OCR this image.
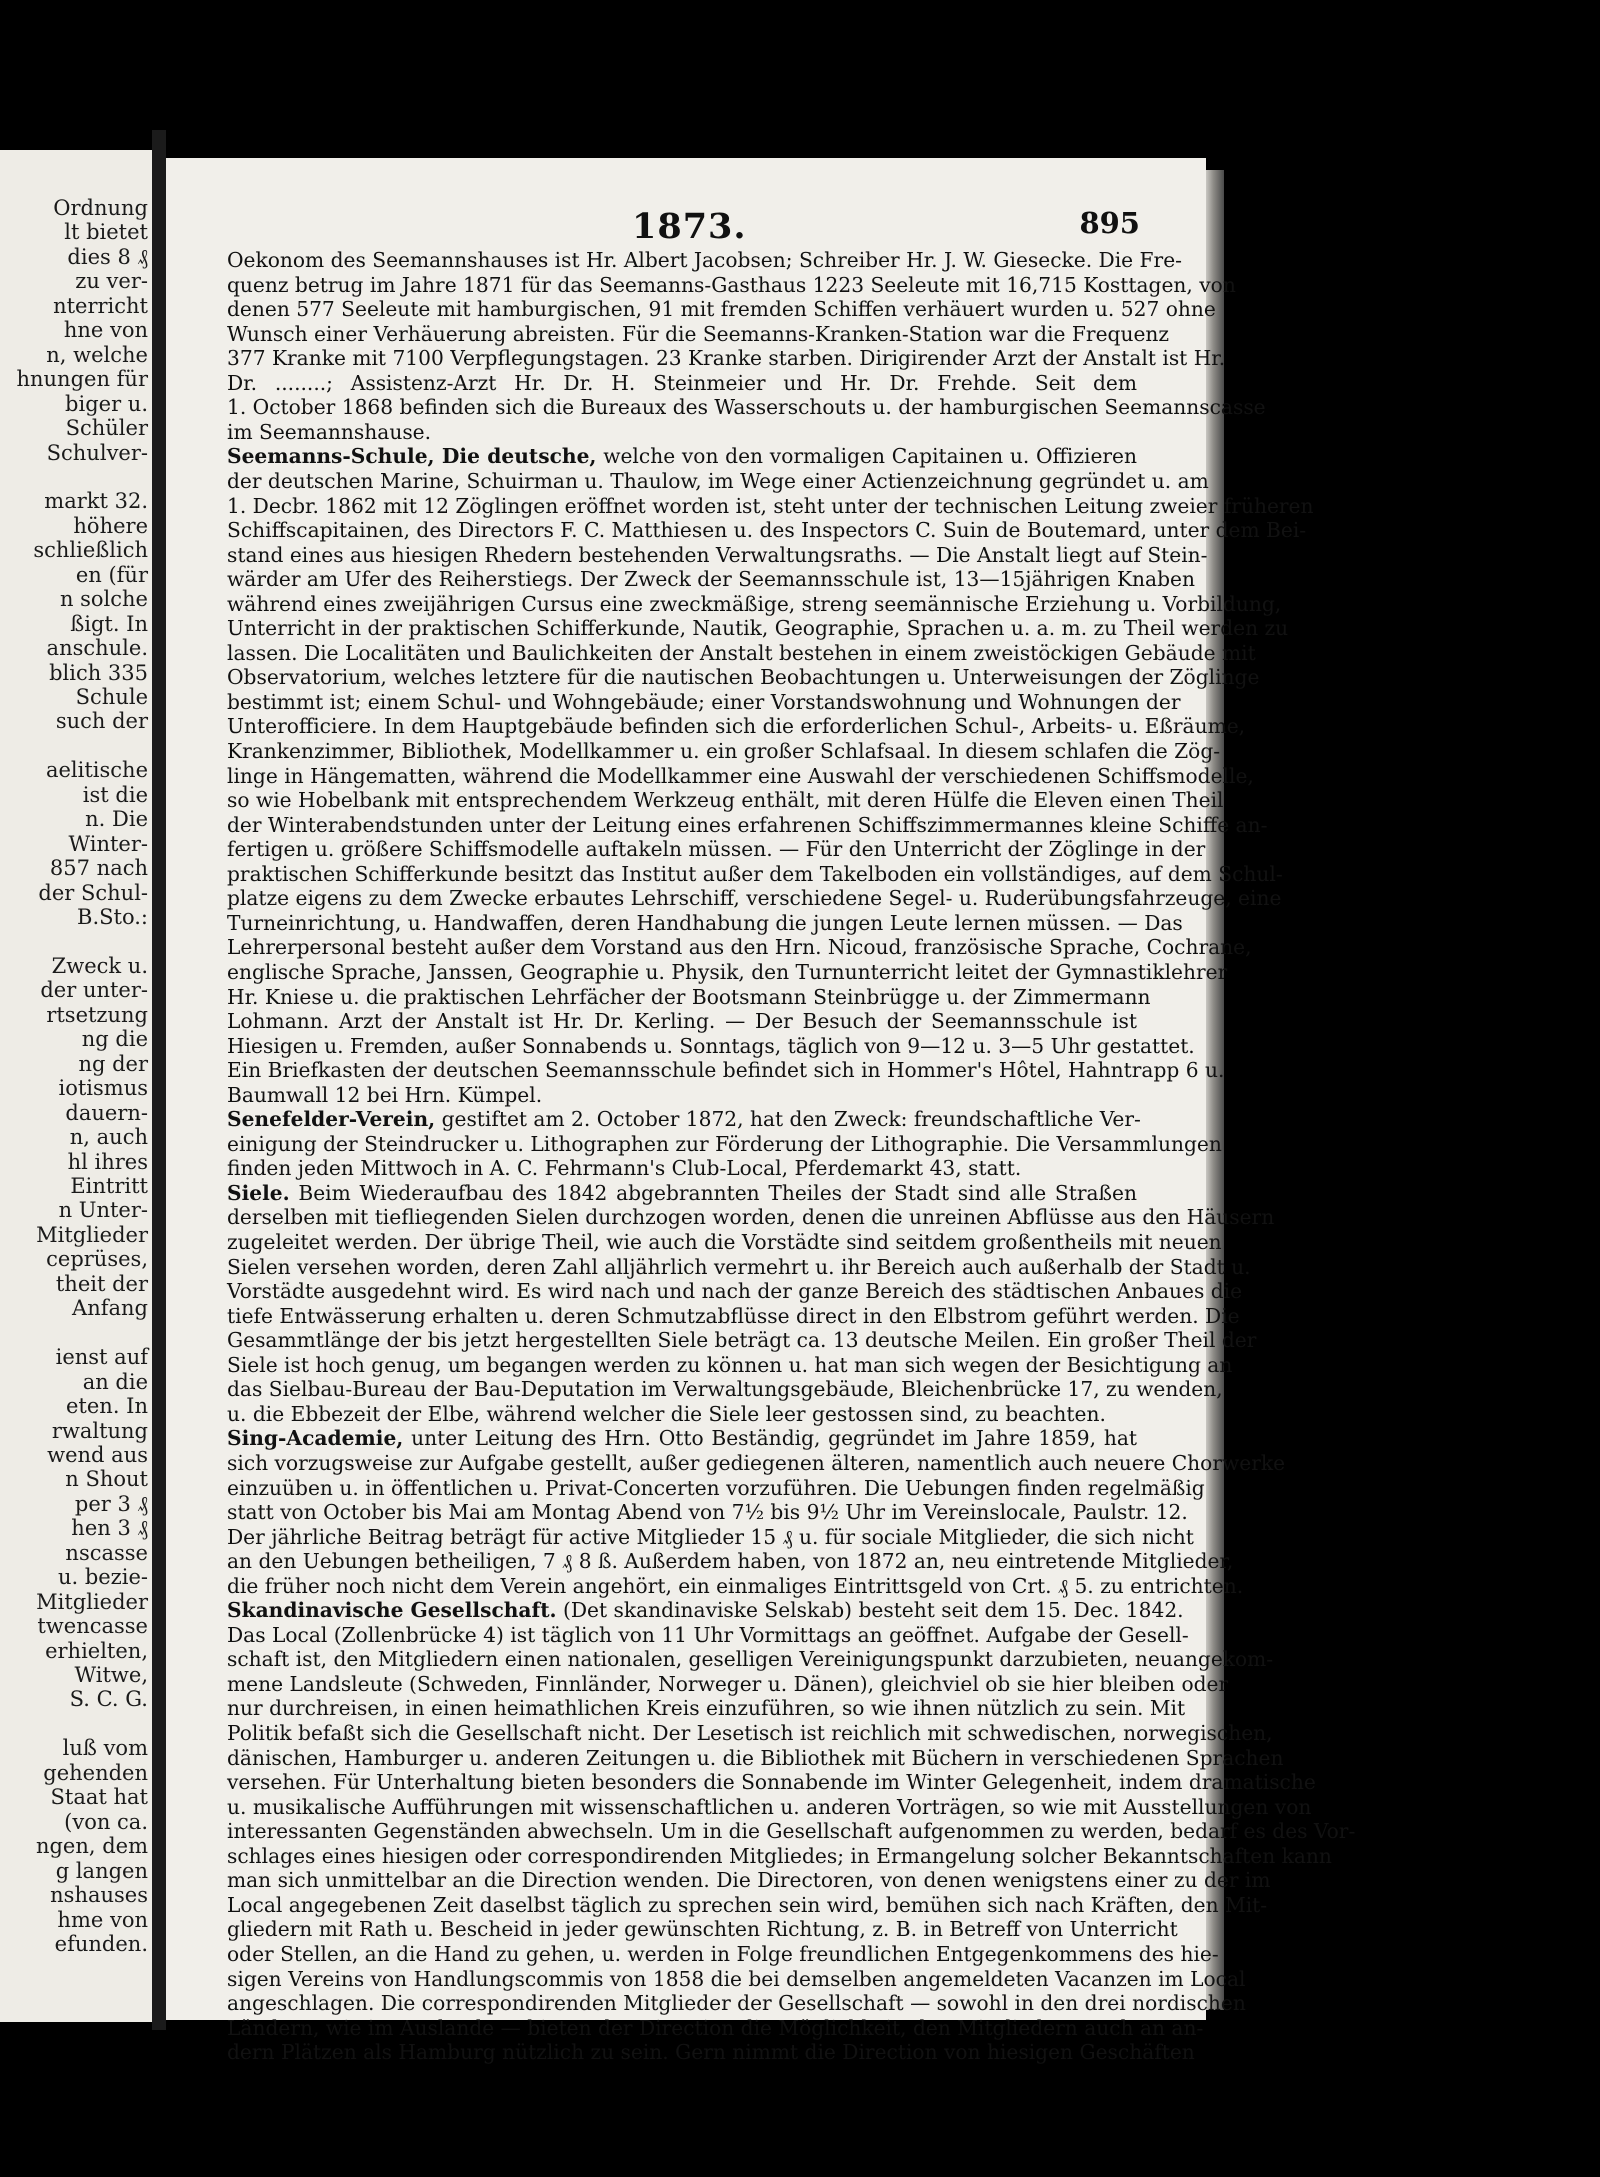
Ordnung
lt bietet
dies 8 ₰
zu ver-
nterricht
hne von
n, welche
hnungen für
biger u.
Schüler
Schulver-
markt 32.
höhere
schließlich
en (für
n solche
ßigt. In
anschule.
blich 335
Schule
such der
aelitische
ist die
n. Die
Winter-
857 nach
der Schul-
B.Sto.:
Zweck u.
der unter-
rtsetzung
ng die
ng der
iotismus
dauern-
n, auch
hl ihres
Eintritt
n Unter-
Mitglieder
ceprüses,
theit der
Anfang
ienst auf
an die
eten. In
rwaltung
wend aus
n Shout
per 3 ₰
hen 3 ₰
nscasse
u. bezie-
Mitglieder
twencasse
erhielten,
Witwe,
S. C. G.
luß vom
gehenden
Staat hat
(von ca.
ngen, dem
g langen
nshauses
hme von
efunden.
1873.	895
Oekonom des Seemannshauses ist Hr. Albert Jacobsen; Schreiber Hr. J. W. Giesecke. Die Fre-
quenz betrug im Jahre 1871 für das Seemanns-Gasthaus 1223 Seeleute mit 16,715 Kosttagen, von
denen 577 Seeleute mit hamburgischen, 91 mit fremden Schiffen verhäuert wurden u. 527 ohne
Wunsch einer Verhäuerung abreisten. Für die Seemanns-Kranken-Station war die Frequenz
377 Kranke mit 7100 Verpflegungstagen. 23 Kranke starben. Dirigirender Arzt der Anstalt ist Hr.
Dr. ........; Assistenz-Arzt Hr. Dr. H. Steinmeier und Hr. Dr. Frehde. Seit dem
1. October 1868 befinden sich die Bureaux des Wasserschouts u. der hamburgischen Seemannscasse
im Seemannshause.
Seemanns-Schule, Die deutsche, welche von den vormaligen Capitainen u. Offizieren
der deutschen Marine, Schuirman u. Thaulow, im Wege einer Actienzeichnung gegründet u. am
1. Decbr. 1862 mit 12 Zöglingen eröffnet worden ist, steht unter der technischen Leitung zweier früheren
Schiffscapitainen, des Directors F. C. Matthiesen u. des Inspectors C. Suin de Boutemard, unter dem Bei-
stand eines aus hiesigen Rhedern bestehenden Verwaltungsraths. — Die Anstalt liegt auf Stein-
wärder am Ufer des Reiherstiegs. Der Zweck der Seemannsschule ist, 13—15jährigen Knaben
während eines zweijährigen Cursus eine zweckmäßige, streng seemännische Erziehung u. Vorbildung,
Unterricht in der praktischen Schifferkunde, Nautik, Geographie, Sprachen u. a. m. zu Theil werden zu
lassen. Die Localitäten und Baulichkeiten der Anstalt bestehen in einem zweistöckigen Gebäude mit
Observatorium, welches letztere für die nautischen Beobachtungen u. Unterweisungen der Zöglinge
bestimmt ist; einem Schul- und Wohngebäude; einer Vorstandswohnung und Wohnungen der
Unterofficiere. In dem Hauptgebäude befinden sich die erforderlichen Schul-, Arbeits- u. Eßräume,
Krankenzimmer, Bibliothek, Modellkammer u. ein großer Schlafsaal. In diesem schlafen die Zög-
linge in Hängematten, während die Modellkammer eine Auswahl der verschiedenen Schiffsmodelle,
so wie Hobelbank mit entsprechendem Werkzeug enthält, mit deren Hülfe die Eleven einen Theil
der Winterabendstunden unter der Leitung eines erfahrenen Schiffszimmermannes kleine Schiffe an-
fertigen u. größere Schiffsmodelle auftakeln müssen. — Für den Unterricht der Zöglinge in der
praktischen Schifferkunde besitzt das Institut außer dem Takelboden ein vollständiges, auf dem Schul-
platze eigens zu dem Zwecke erbautes Lehrschiff, verschiedene Segel- u. Ruderübungsfahrzeuge, eine
Turneinrichtung, u. Handwaffen, deren Handhabung die jungen Leute lernen müssen. — Das
Lehrerpersonal besteht außer dem Vorstand aus den Hrn. Nicoud, französische Sprache, Cochrane,
englische Sprache, Janssen, Geographie u. Physik, den Turnunterricht leitet der Gymnastiklehrer
Hr. Kniese u. die praktischen Lehrfächer der Bootsmann Steinbrügge u. der Zimmermann
Lohmann. Arzt der Anstalt ist Hr. Dr. Kerling. — Der Besuch der Seemannsschule ist
Hiesigen u. Fremden, außer Sonnabends u. Sonntags, täglich von 9—12 u. 3—5 Uhr gestattet.
Ein Briefkasten der deutschen Seemannsschule befindet sich in Hommer's Hôtel, Hahntrapp 6 u.
Baumwall 12 bei Hrn. Kümpel.
Senefelder-Verein, gestiftet am 2. October 1872, hat den Zweck: freundschaftliche Ver-
einigung der Steindrucker u. Lithographen zur Förderung der Lithographie. Die Versammlungen
finden jeden Mittwoch in A. C. Fehrmann's Club-Local, Pferdemarkt 43, statt.
Siele. Beim Wiederaufbau des 1842 abgebrannten Theiles der Stadt sind alle Straßen
derselben mit tiefliegenden Sielen durchzogen worden, denen die unreinen Abflüsse aus den Häusern
zugeleitet werden. Der übrige Theil, wie auch die Vorstädte sind seitdem großentheils mit neuen
Sielen versehen worden, deren Zahl alljährlich vermehrt u. ihr Bereich auch außerhalb der Stadt u.
Vorstädte ausgedehnt wird. Es wird nach und nach der ganze Bereich des städtischen Anbaues die
tiefe Entwässerung erhalten u. deren Schmutzabflüsse direct in den Elbstrom geführt werden. Die
Gesammtlänge der bis jetzt hergestellten Siele beträgt ca. 13 deutsche Meilen. Ein großer Theil der
Siele ist hoch genug, um begangen werden zu können u. hat man sich wegen der Besichtigung an
das Sielbau-Bureau der Bau-Deputation im Verwaltungsgebäude, Bleichenbrücke 17, zu wenden,
u. die Ebbezeit der Elbe, während welcher die Siele leer gestossen sind, zu beachten.
Sing-Academie, unter Leitung des Hrn. Otto Beständig, gegründet im Jahre 1859, hat
sich vorzugsweise zur Aufgabe gestellt, außer gediegenen älteren, namentlich auch neuere Chorwerke
einzuüben u. in öffentlichen u. Privat-Concerten vorzuführen. Die Uebungen finden regelmäßig
statt von October bis Mai am Montag Abend von 7½ bis 9½ Uhr im Vereinslocale, Paulstr. 12.
Der jährliche Beitrag beträgt für active Mitglieder 15 ₰ u. für sociale Mitglieder, die sich nicht
an den Uebungen betheiligen, 7 ₰ 8 ß. Außerdem haben, von 1872 an, neu eintretende Mitglieder,
die früher noch nicht dem Verein angehört, ein einmaliges Eintrittsgeld von Crt. ₰ 5. zu entrichten.
Skandinavische Gesellschaft. (Det skandinaviske Selskab) besteht seit dem 15. Dec. 1842.
Das Local (Zollenbrücke 4) ist täglich von 11 Uhr Vormittags an geöffnet. Aufgabe der Gesell-
schaft ist, den Mitgliedern einen nationalen, geselligen Vereinigungspunkt darzubieten, neuangekom-
mene Landsleute (Schweden, Finnländer, Norweger u. Dänen), gleichviel ob sie hier bleiben oder
nur durchreisen, in einen heimathlichen Kreis einzuführen, so wie ihnen nützlich zu sein. Mit
Politik befaßt sich die Gesellschaft nicht. Der Lesetisch ist reichlich mit schwedischen, norwegischen,
dänischen, Hamburger u. anderen Zeitungen u. die Bibliothek mit Büchern in verschiedenen Sprachen
versehen. Für Unterhaltung bieten besonders die Sonnabende im Winter Gelegenheit, indem dramatische
u. musikalische Aufführungen mit wissenschaftlichen u. anderen Vorträgen, so wie mit Ausstellungen von
interessanten Gegenständen abwechseln. Um in die Gesellschaft aufgenommen zu werden, bedarf es des Vor-
schlages eines hiesigen oder correspondirenden Mitgliedes; in Ermangelung solcher Bekanntschaften kann
man sich unmittelbar an die Direction wenden. Die Directoren, von denen wenigstens einer zu der im
Local angegebenen Zeit daselbst täglich zu sprechen sein wird, bemühen sich nach Kräften, den Mit-
gliedern mit Rath u. Bescheid in jeder gewünschten Richtung, z. B. in Betreff von Unterricht
oder Stellen, an die Hand zu gehen, u. werden in Folge freundlichen Entgegenkommens des hie-
sigen Vereins von Handlungscommis von 1858 die bei demselben angemeldeten Vacanzen im Local
angeschlagen. Die correspondirenden Mitglieder der Gesellschaft — sowohl in den drei nordischen
Ländern, wie im Auslande — bieten der Direction die Möglichkeit, den Mitgliedern auch an an-
dern Plätzen als Hamburg nützlich zu sein. Gern nimmt die Direction von hiesigen Geschäften
